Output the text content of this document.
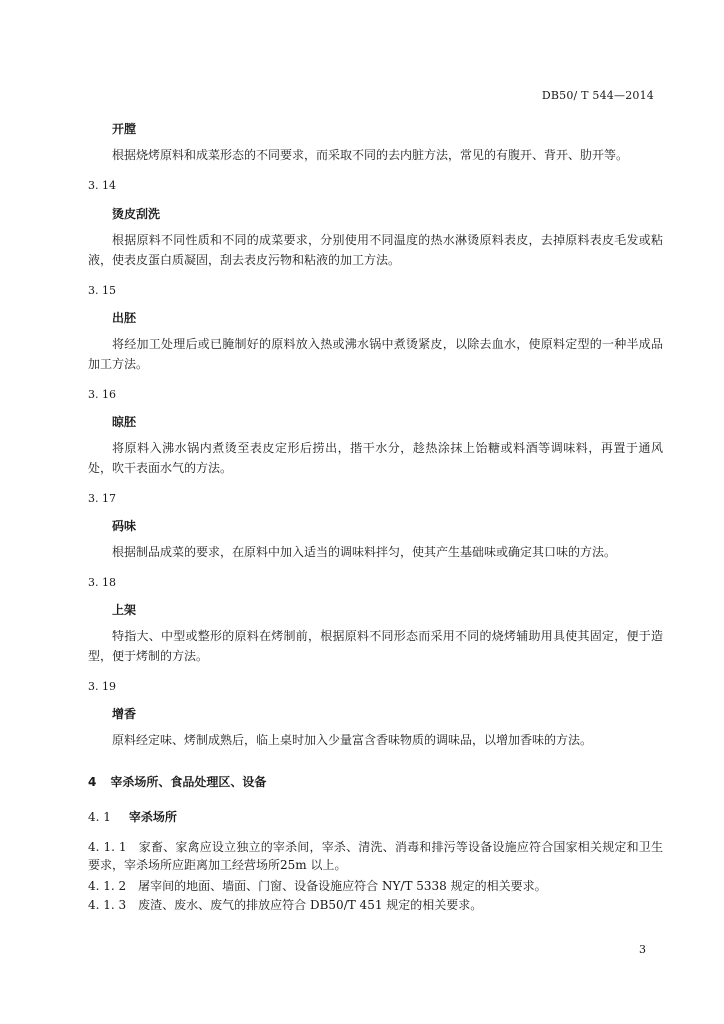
DB50/ T 544—2014
开膛

根据烧烤原料和成菜形态的不同要求，而采取不同的去内脏方法，常见的有腹开、背开、肋开等。

3. 14
烫皮刮洗

根据原料不同性质和不同的成菜要求，分别使用不同温度的热水淋烫原料表皮，去掉原料表皮毛发或粘液，使表皮蛋白质凝固，刮去表皮污物和粘液的加工方法。

3. 15
出胚

将经加工处理后或已腌制好的原料放入热或沸水锅中煮烫紧皮，以除去血水，使原料定型的一种半成品加工方法。

3. 16
晾胚

将原料入沸水锅内煮烫至表皮定形后捞出，揩干水分，趁热涂抹上饴糖或料酒等调味料，再置于通风处，吹干表面水气的方法。

3. 17
码味

根据制品成菜的要求，在原料中加入适当的调味料拌匀，使其产生基础味或确定其口味的方法。

3. 18
上架

特指大、中型或整形的原料在烤制前，根据原料不同形态而采用不同的烧烤辅助用具使其固定，便于造型，便于烤制的方法。

3. 19
增香

原料经定味、烤制成熟后，临上桌时加入少量富含香味物质的调味品，以增加香味的方法。

4 宰杀场所、食品处理区、设备
4. 1 宰杀场所

4. 1. 1 家畜、家禽应设立独立的宰杀间，宰杀、清洗、消毒和排污等设备设施应符合国家相关规定和卫生要求，宰杀场所应距离加工经营场所25m 以上。

4. 1. 2 屠宰间的地面、墙面、门窗、设备设施应符合 NY/T 5338 规定的相关要求。

4. 1. 3 废渣、废水、废气的排放应符合 DB50/T 451 规定的相关要求。

3
